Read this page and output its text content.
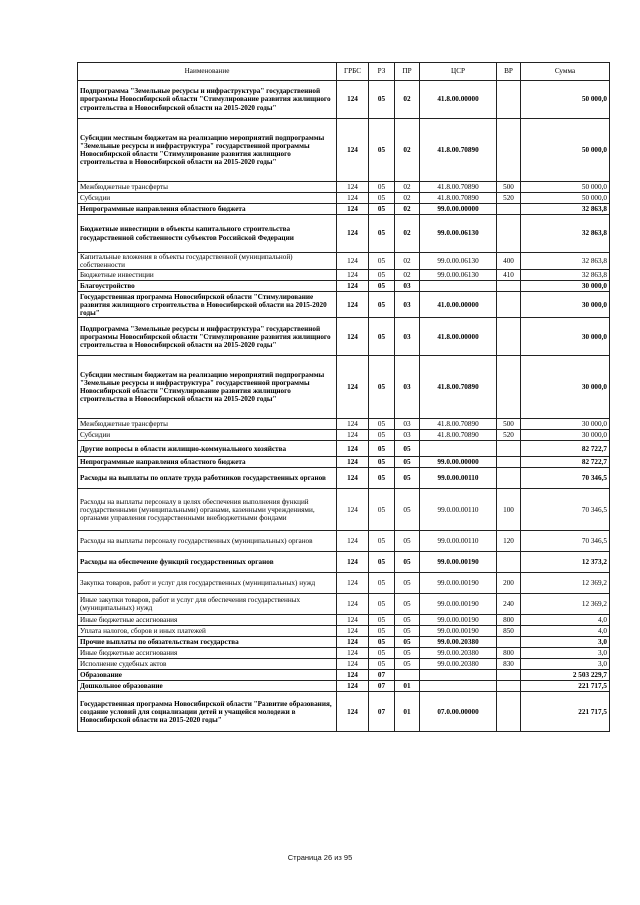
Наименование	ГРБС	РЗ	ПР	ЦСР	ВР	Сумма
Подпрограмма "Земельные ресурсы и инфраструктура" государственной программы Новосибирской области "Стимулирование развития жилищного строительства в Новосибирской области на 2015-2020 годы"	124	05	02	41.8.00.00000		50 000,0
Субсидии местным бюджетам на реализацию мероприятий подпрограммы "Земельные ресурсы и инфраструктура" государственной программы Новосибирской области "Стимулирование развития жилищного строительства в Новосибирской области на 2015-2020 годы"	124	05	02	41.8.00.70890		50 000,0
Межбюджетные трансферты	124	05	02	41.8.00.70890	500	50 000,0
Субсидии	124	05	02	41.8.00.70890	520	50 000,0
Непрограммные направления областного бюджета	124	05	02	99.0.00.00000		32 863,8
Бюджетные инвестиции в объекты капитального строительства государственной собственности субъектов Российской Федерации	124	05	02	99.0.00.06130		32 863,8
Капитальные вложения в объекты государственной (муниципальной) собственности	124	05	02	99.0.00.06130	400	32 863,8
Бюджетные инвестиции	124	05	02	99.0.00.06130	410	32 863,8
Благоустройство	124	05	03			30 000,0
Государственная программа Новосибирской области "Стимулирование развития жилищного строительства в Новосибирской области на 2015-2020 годы"	124	05	03	41.0.00.00000		30 000,0
Подпрограмма "Земельные ресурсы и инфраструктура" государственной программы Новосибирской области "Стимулирование развития жилищного строительства в Новосибирской области на 2015-2020 годы"	124	05	03	41.8.00.00000		30 000,0
Субсидии местным бюджетам на реализацию мероприятий подпрограммы "Земельные ресурсы и инфраструктура" государственной программы Новосибирской области "Стимулирование развития жилищного строительства в Новосибирской области на 2015-2020 годы"	124	05	03	41.8.00.70890		30 000,0
Межбюджетные трансферты	124	05	03	41.8.00.70890	500	30 000,0
Субсидии	124	05	03	41.8.00.70890	520	30 000,0
Другие вопросы в области жилищно-коммунального хозяйства	124	05	05			82 722,7
Непрограммные направления областного бюджета	124	05	05	99.0.00.00000		82 722,7
Расходы на выплаты по оплате труда работников государственных органов	124	05	05	99.0.00.00110		70 346,5
Расходы на выплаты персоналу в целях обеспечения выполнения функций государственными (муниципальными) органами, казенными учреждениями, органами управления государственными внебюджетными фондами	124	05	05	99.0.00.00110	100	70 346,5
Расходы на выплаты персоналу государственных (муниципальных) органов	124	05	05	99.0.00.00110	120	70 346,5
Расходы на обеспечение функций государственных органов	124	05	05	99.0.00.00190		12 373,2
Закупка товаров, работ и услуг для государственных (муниципальных) нужд	124	05	05	99.0.00.00190	200	12 369,2
Иные закупки товаров, работ и услуг для обеспечения государственных (муниципальных) нужд	124	05	05	99.0.00.00190	240	12 369,2
Иные бюджетные ассигнования	124	05	05	99.0.00.00190	800	4,0
Уплата налогов, сборов и иных платежей	124	05	05	99.0.00.00190	850	4,0
Прочие выплаты по обязательствам государства	124	05	05	99.0.00.20380		3,0
Иные бюджетные ассигнования	124	05	05	99.0.00.20380	800	3,0
Исполнение судебных актов	124	05	05	99.0.00.20380	830	3,0
Образование	124	07				2 503 229,7
Дошкольное образование	124	07	01			221 717,5
Государственная программа Новосибирской области "Развитие образования, создание условий для социализации детей и учащейся молодежи в Новосибирской области на 2015-2020 годы"	124	07	01	07.0.00.00000		221 717,5
Страница 26 из 95
